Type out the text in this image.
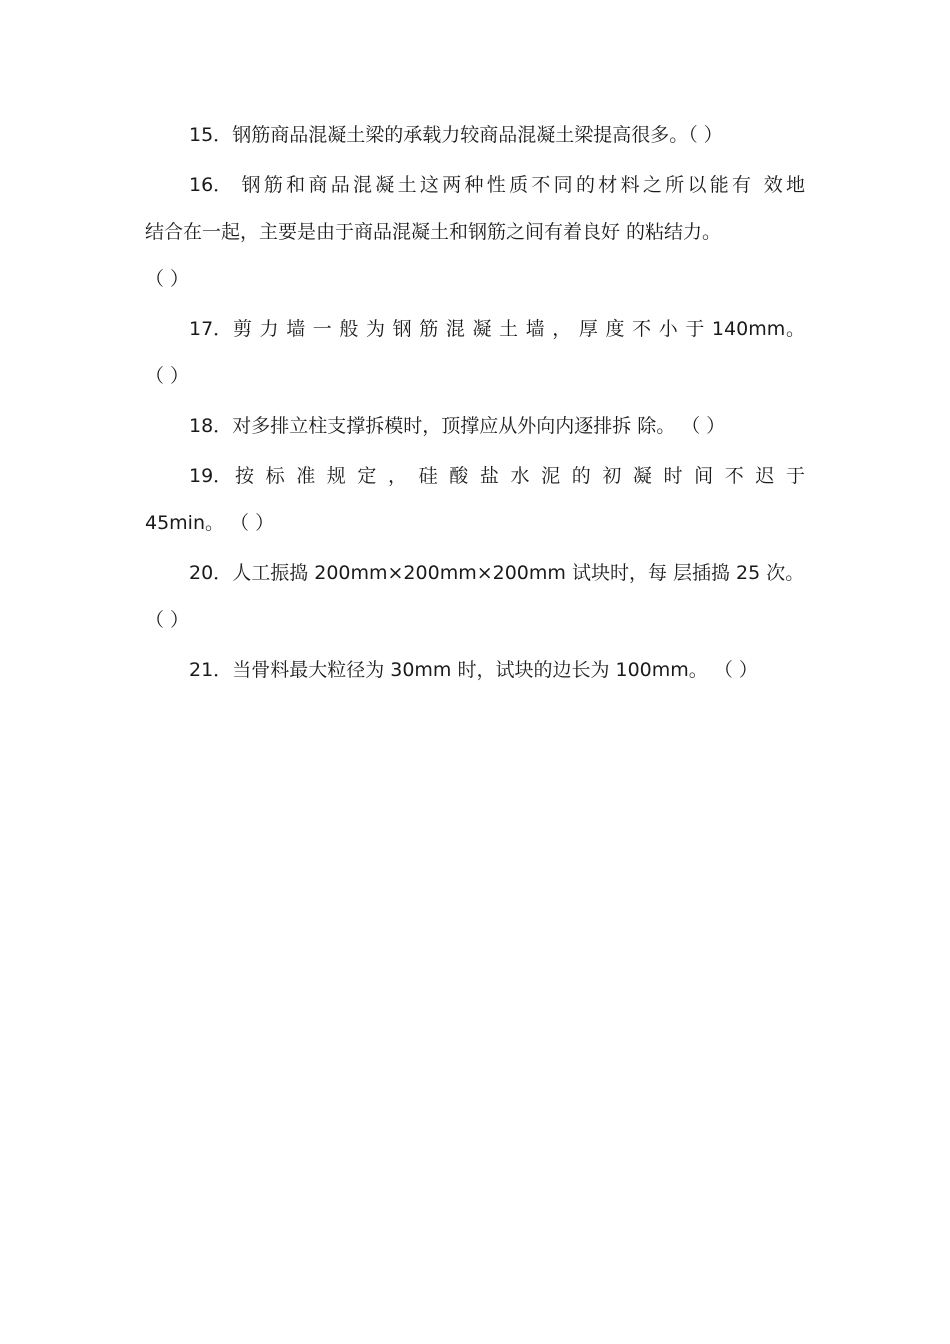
15．钢筋商品混凝土梁的承载力较商品混凝土梁提高很多。（ ）
16． 钢筋和商品混凝土这两种性质不同的材料之所以能有 效地
结合在一起，主要是由于商品混凝土和钢筋之间有着良好 的粘结力。
（ ）
17．剪 力 墙 一 般 为 钢 筋 混 凝 土 墙 ， 厚 度 不 小 于 140mm。
（ ）
18．对多排立柱支撑拆模时，顶撑应从外向内逐排拆 除。 （ ）
19．按 标 准 规 定 ， 硅 酸 盐 水 泥 的 初 凝 时 间 不 迟 于
45min。 （ ）
20．人工振捣 200mm×200mm×200mm 试块时，每 层插捣 25 次。
（ ）
21．当骨料最大粒径为 30mm 时，试块的边长为 100mm。 （ ）
